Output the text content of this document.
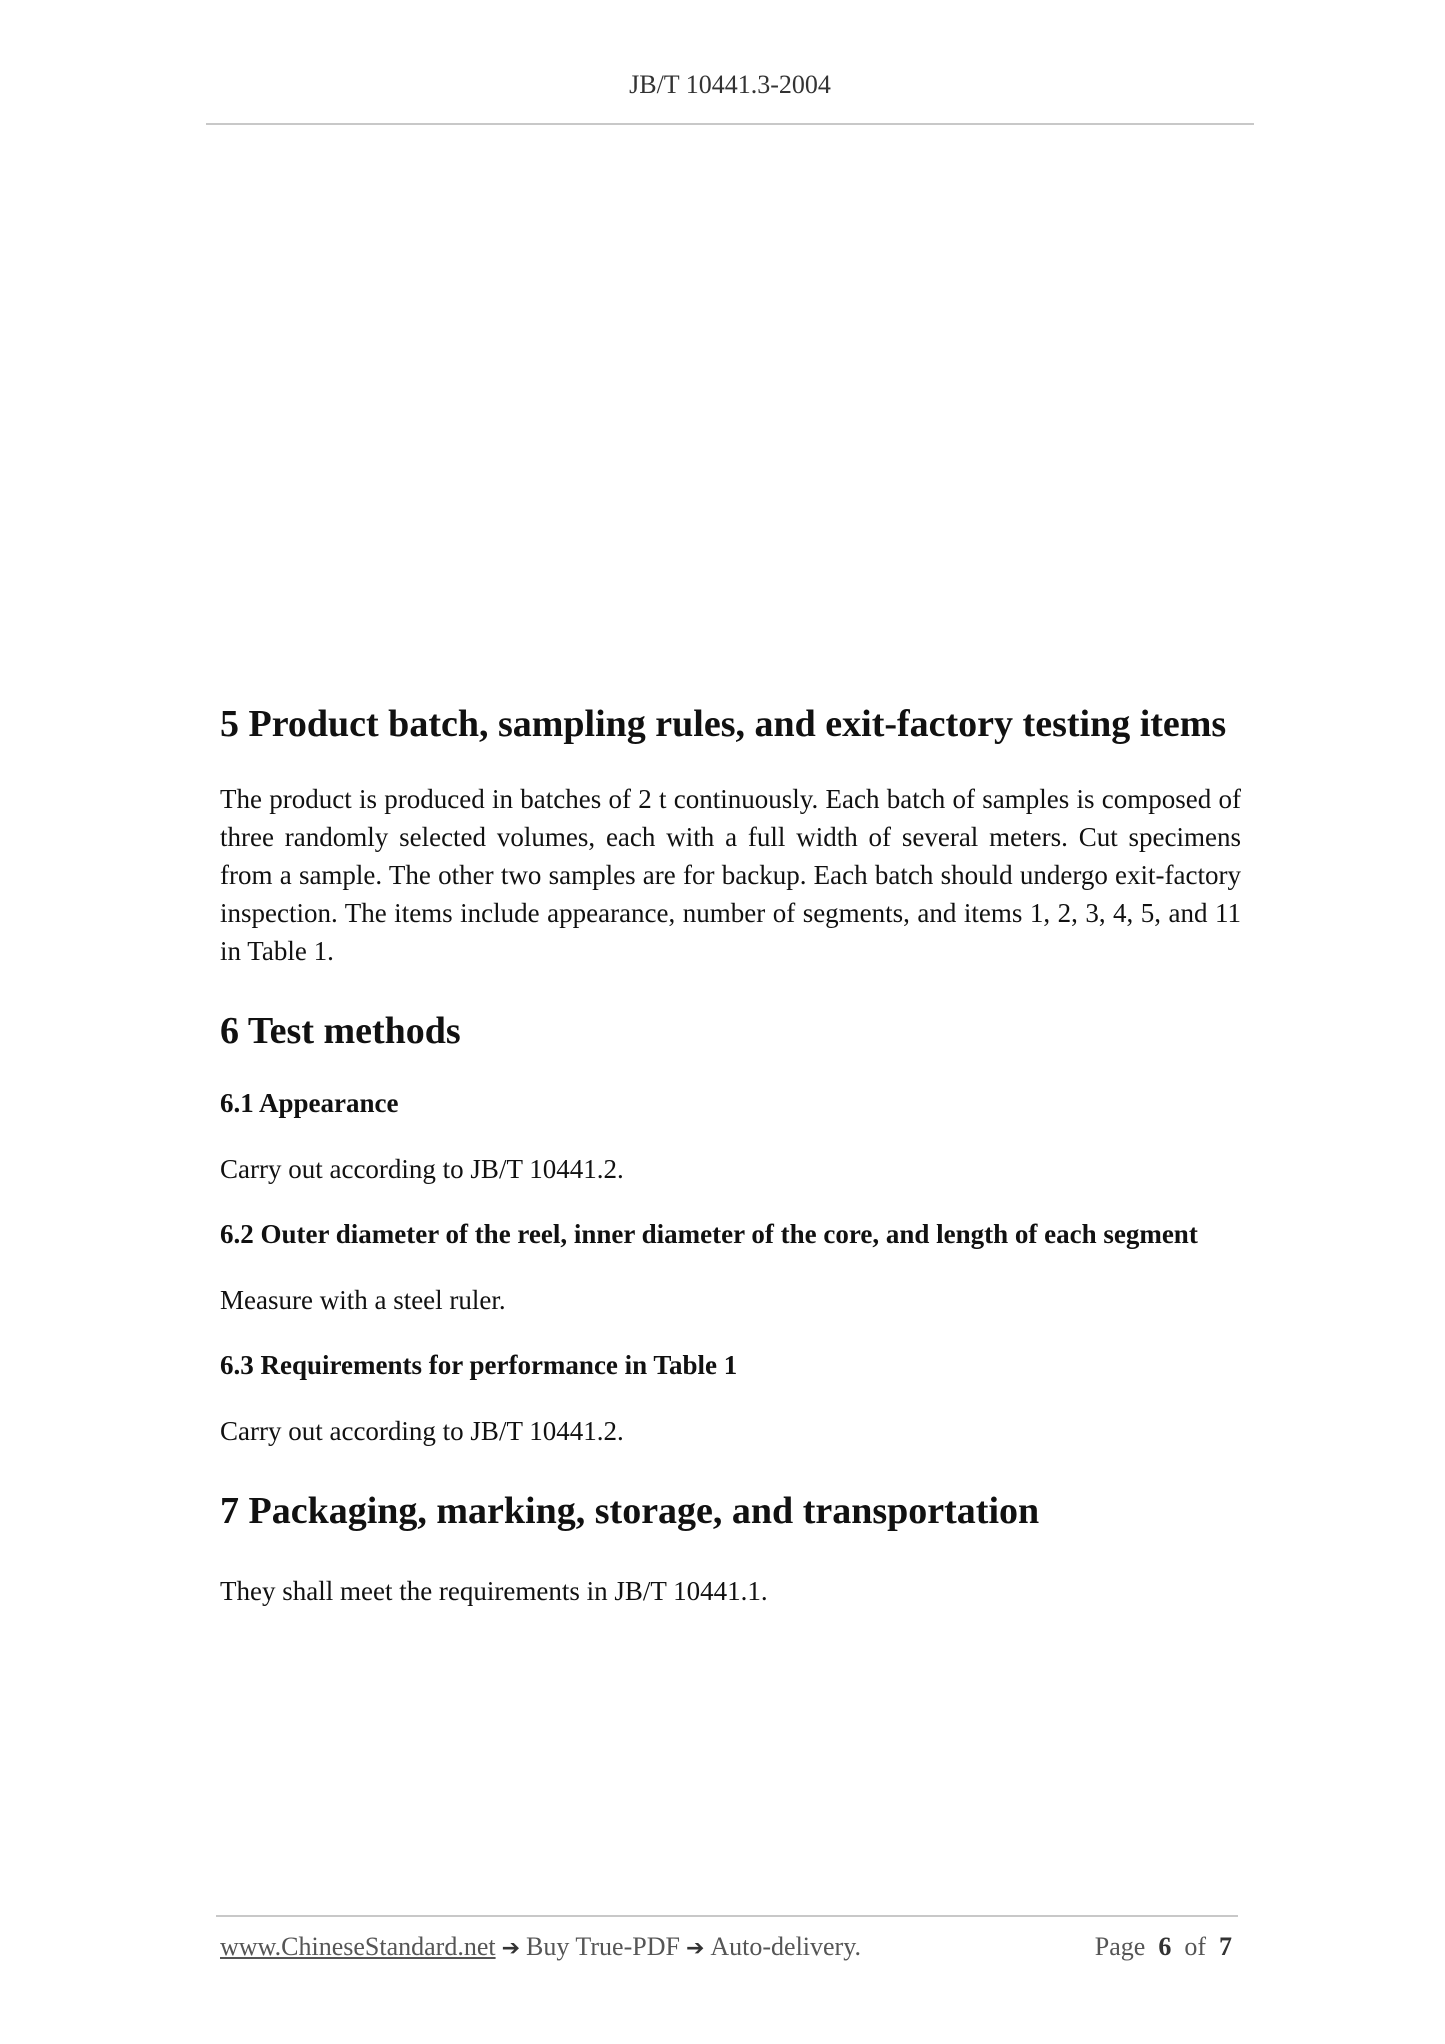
JB/T 10441.3-2004
5 Product batch, sampling rules, and exit-factory testing items

The product is produced in batches of 2 t continuously. Each batch of samples is composed of three randomly selected volumes, each with a full width of several meters. Cut specimens from a sample. The other two samples are for backup. Each batch should undergo exit-factory inspection. The items include appearance, number of segments, and items 1, 2, 3, 4, 5, and 11 in Table 1.

6 Test methods
6.1 Appearance

Carry out according to JB/T 10441.2.

6.2 Outer diameter of the reel, inner diameter of the core, and length of each segment

Measure with a steel ruler.

6.3 Requirements for performance in Table 1

Carry out according to JB/T 10441.2.

7 Packaging, marking, storage, and transportation

They shall meet the requirements in JB/T 10441.1.

www.ChineseStandard.net ➔ Buy True-PDF ➔ Auto-delivery.	Page 6 of 7
